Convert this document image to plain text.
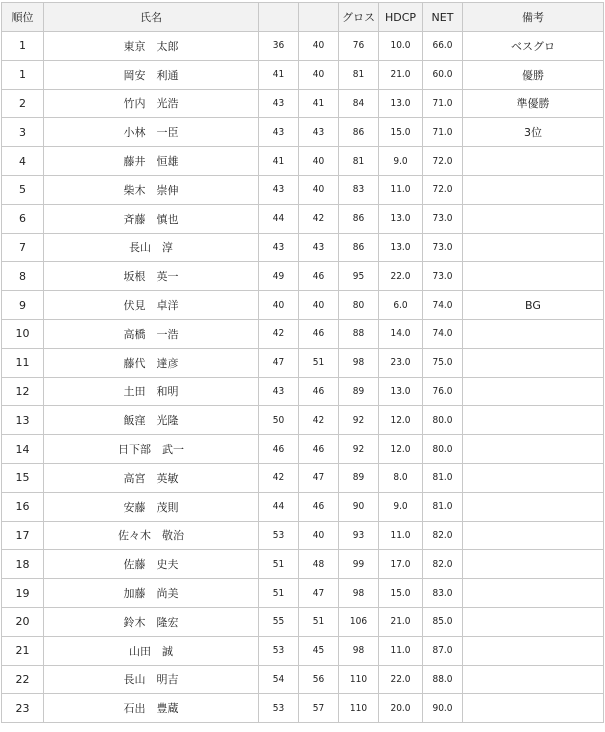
順位	氏名			グロス	HDCP	NET	備考
1	東京　太郎	36	40	76	10.0	66.0	ベスグロ
1	岡安　利通	41	40	81	21.0	60.0	優勝
2	竹内　光浩	43	41	84	13.0	71.0	準優勝
3	小林　一臣	43	43	86	15.0	71.0	3位
4	藤井　恒雄	41	40	81	9.0	72.0	
5	柴木　崇伸	43	40	83	11.0	72.0	
6	斉藤　慎也	44	42	86	13.0	73.0	
7	長山　淳	43	43	86	13.0	73.0	
8	坂根　英一	49	46	95	22.0	73.0	
9	伏見　卓洋	40	40	80	6.0	74.0	BG
10	高橋　一浩	42	46	88	14.0	74.0	
11	藤代　達彦	47	51	98	23.0	75.0	
12	土田　和明	43	46	89	13.0	76.0	
13	飯窪　光隆	50	42	92	12.0	80.0	
14	日下部　武一	46	46	92	12.0	80.0	
15	高宮　英敏	42	47	89	8.0	81.0	
16	安藤　茂則	44	46	90	9.0	81.0	
17	佐々木　敬治	53	40	93	11.0	82.0	
18	佐藤　史夫	51	48	99	17.0	82.0	
19	加藤　尚美	51	47	98	15.0	83.0	
20	鈴木　隆宏	55	51	106	21.0	85.0	
21	山田　誠	53	45	98	11.0	87.0	
22	長山　明吉	54	56	110	22.0	88.0	
23	石出　豊蔵	53	57	110	20.0	90.0	
